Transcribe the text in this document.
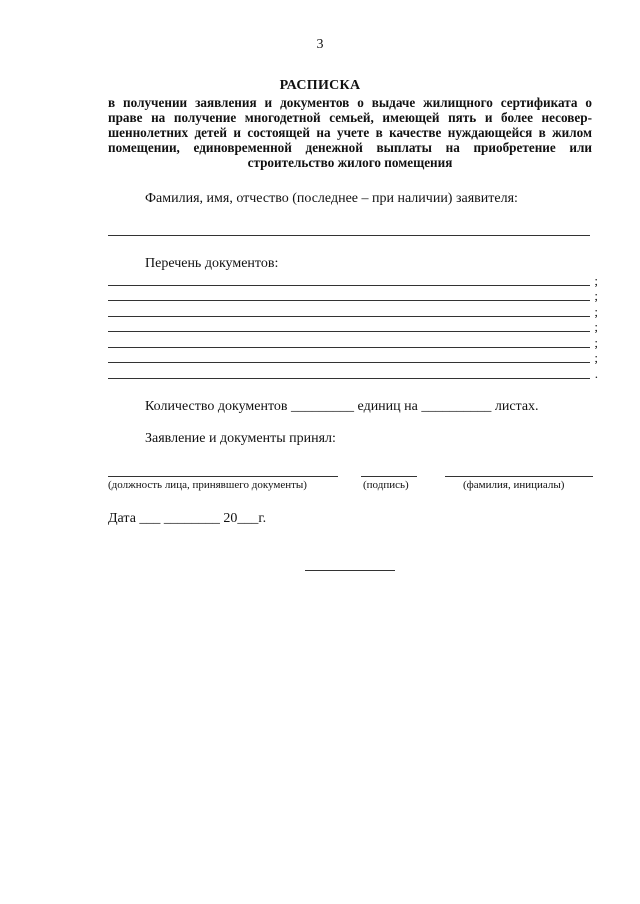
3
РАСПИСКА
в получении заявления и документов о выдаче жилищного сертификата о
праве на получение многодетной семьей, имеющей пять и более несовер-
шеннолетних детей и состоящей на учете в качестве нуждающейся в жилом
помещении, единовременной денежной выплаты на приобретение или
строительство жилого помещения
Фамилия, имя, отчество (последнее – при наличии) заявителя:
Перечень документов:
;
;
;
;
;
;
.
Количество документов _________ единиц на __________ листах.
Заявление и документы принял:
(должность лица, принявшего документы)	(подпись)	(фамилия, инициалы)
Дата ___ ________ 20___г.
